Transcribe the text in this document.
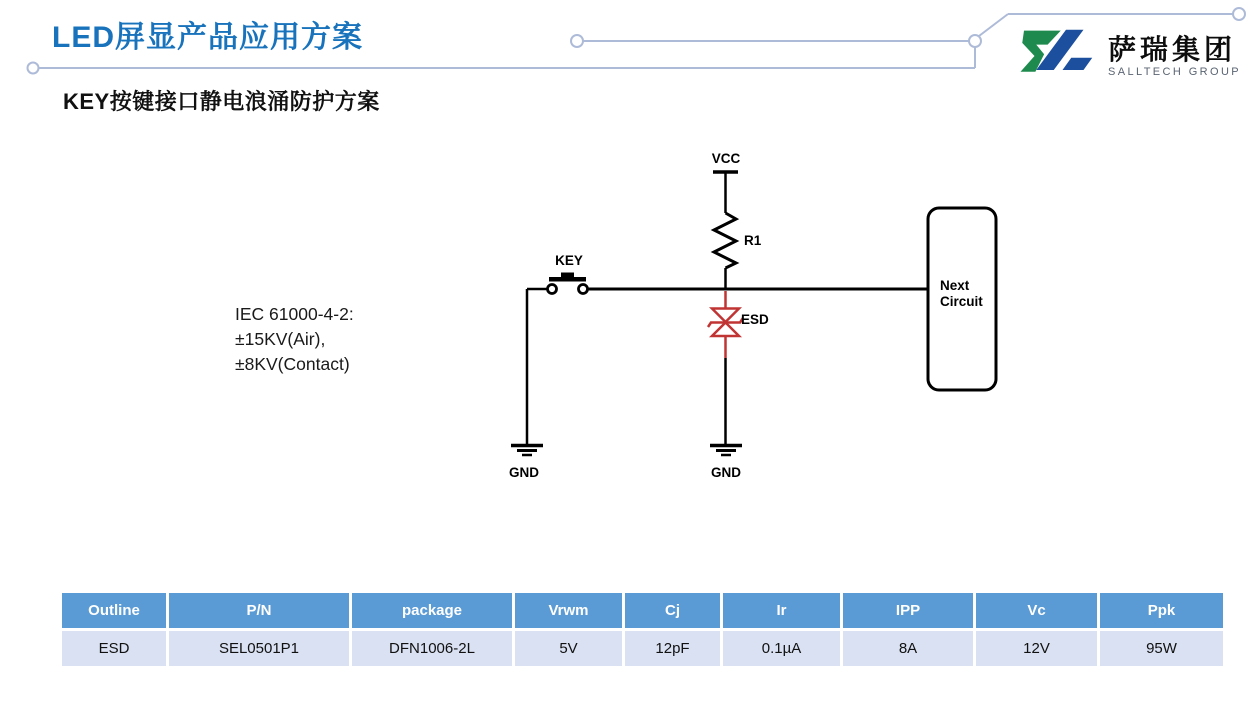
LED屏显产品应用方案	萨瑞集团
SALLTECH GROUP
KEY按键接口静电浪涌防护方案
IEC 61000-4-2:
±15KV(Air),
±8KV(Contact)
VCC
R1
KEY
GND
ESD
GND
Next
Circuit
Outline	P/N	package	Vrwm	Cj	Ir	IPP	Vc	Ppk
ESD	SEL0501P1	DFN1006-2L	5V	12pF	0.1µA	8A	12V	95W
